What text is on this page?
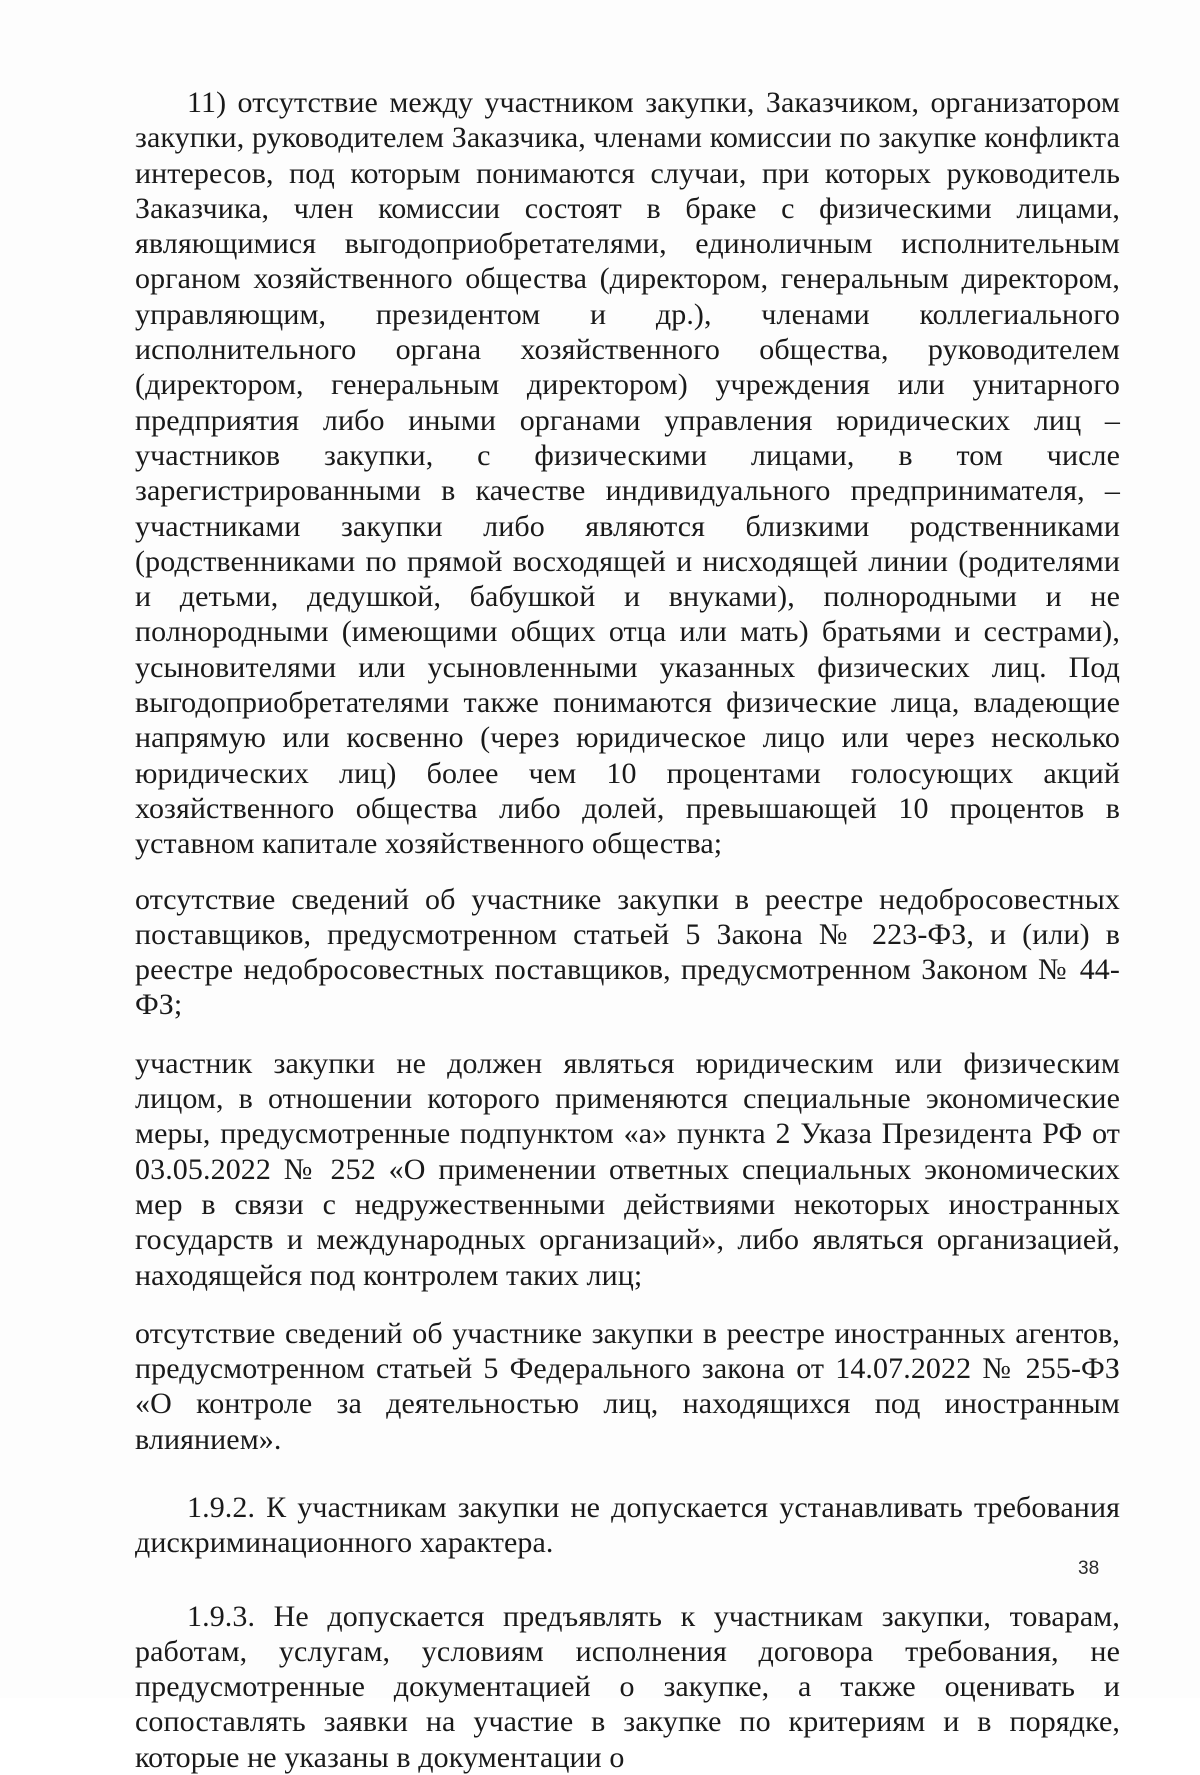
11) отсутствие между участником закупки, Заказчиком, организатором закупки, руководителем Заказчика, членами комиссии по закупке конфликта интересов, под которым понимаются случаи, при которых руководитель Заказчика, член комиссии состоят в браке с физическими лицами, являющимися выгодоприобретателями, единоличным исполнительным органом хозяйственного общества (директором, генеральным директором, управляющим, президентом и др.), членами коллегиального исполнительного органа хозяйственного общества, руководителем (директором, генеральным директором) учреждения или унитарного предприятия либо иными органами управления юридических лиц – участников закупки, с физическими лицами, в том числе зарегистрированными в качестве индивидуального предпринимателя, – участниками закупки либо являются близкими родственниками (родственниками по прямой восходящей и нисходящей линии (родителями и детьми, дедушкой, бабушкой и внуками), полнородными и не полнородными (имеющими общих отца или мать) братьями и сестрами), усыновителями или усыновленными указанных физических лиц. Под выгодоприобретателями также понимаются физические лица, владеющие напрямую или косвенно (через юридическое лицо или через несколько юридических лиц) более чем 10 процентами голосующих акций хозяйственного общества либо долей, превышающей 10 процентов в уставном капитале хозяйственного общества;

отсутствие сведений об участнике закупки в реестре недобросовестных поставщиков, предусмотренном статьей 5 Закона № 223-ФЗ, и (или) в реестре недобросовестных поставщиков, предусмотренном Законом № 44-ФЗ;

участник закупки не должен являться юридическим или физическим лицом, в отношении которого применяются специальные экономические меры, предусмотренные подпунктом «а» пункта 2 Указа Президента РФ от 03.05.2022 № 252 «О применении ответных специальных экономических мер в связи с недружественными действиями некоторых иностранных государств и международных организаций», либо являться организацией, находящейся под контролем таких лиц;

отсутствие сведений об участнике закупки в реестре иностранных агентов, предусмотренном статьей 5 Федерального закона от 14.07.2022 № 255-ФЗ «О контроле за деятельностью лиц, находящихся под иностранным влиянием».

1.9.2. К участникам закупки не допускается устанавливать требования дискриминационного характера.

1.9.3. Не допускается предъявлять к участникам закупки, товарам, работам, услугам, условиям исполнения договора требования, не предусмотренные документацией о закупке, а также оценивать и сопоставлять заявки на участие в закупке по критериям и в порядке, которые не указаны в документации о

38
